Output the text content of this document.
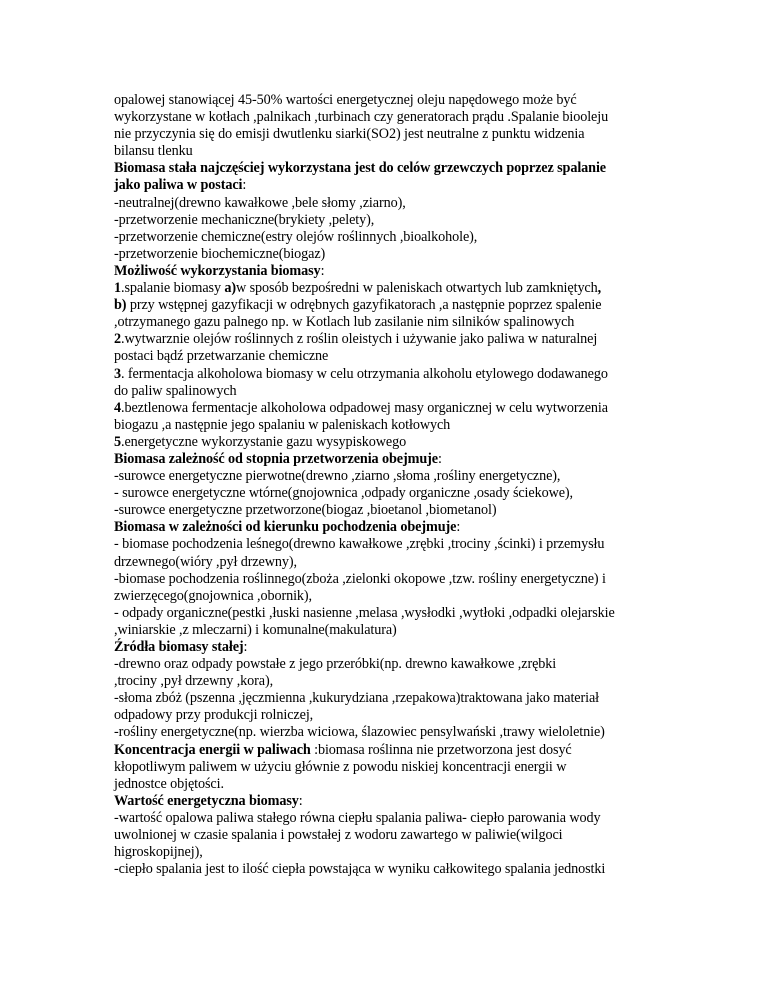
opalowej stanowiącej 45-50% wartości energetycznej oleju napędowego może być
wykorzystane w kotłach ,palnikach ,turbinach czy generatorach prądu .Spalanie biooleju
nie przyczynia się do emisji dwutlenku siarki(SO2) jest neutralne z punktu widzenia
bilansu tlenku
Biomasa stała najczęściej wykorzystana jest do celów grzewczych poprzez spalanie
jako paliwa w postaci:
-neutralnej(drewno kawałkowe ,bele słomy ,ziarno),
-przetworzenie mechaniczne(brykiety ,pelety),
-przetworzenie chemiczne(estry olejów roślinnych ,bioalkohole),
-przetworzenie biochemiczne(biogaz)
Możliwość wykorzystania biomasy:
1.spalanie biomasy a)w sposób bezpośredni w paleniskach otwartych lub zamkniętych,
b) przy wstępnej gazyfikacji w odrębnych gazyfikatorach ,a następnie poprzez spalenie
,otrzymanego gazu palnego np. w Kotlach lub zasilanie nim silników spalinowych
2.wytwarznie olejów roślinnych z roślin oleistych i używanie jako paliwa w naturalnej
postaci bądź przetwarzanie chemiczne
3. fermentacja alkoholowa biomasy w celu otrzymania alkoholu etylowego dodawanego
do paliw spalinowych
4.beztlenowa fermentacje alkoholowa odpadowej masy organicznej w celu wytworzenia
biogazu ,a następnie jego spalaniu w paleniskach kotłowych
5.energetyczne wykorzystanie gazu wysypiskowego
Biomasa zależność od stopnia przetworzenia obejmuje:
-surowce energetyczne pierwotne(drewno ,ziarno ,słoma ,rośliny energetyczne),
- surowce energetyczne wtórne(gnojownica ,odpady organiczne ,osady ściekowe),
-surowce energetyczne przetworzone(biogaz ,bioetanol ,biometanol)
Biomasa w zależności od kierunku pochodzenia obejmuje:
- biomase pochodzenia leśnego(drewno kawałkowe ,zrębki ,trociny ,ścinki) i przemysłu
drzewnego(wióry ,pył drzewny),
-biomase pochodzenia roślinnego(zboża ,zielonki okopowe ,tzw. rośliny energetyczne) i
zwierzęcego(gnojownica ,obornik),
- odpady organiczne(pestki ,łuski nasienne ,melasa ,wysłodki ,wytłoki ,odpadki olejarskie
,winiarskie ,z mleczarni) i komunalne(makulatura)
Źródła biomasy stałej:
-drewno oraz odpady powstałe z jego przeróbki(np. drewno kawałkowe ,zrębki
,trociny ,pył drzewny ,kora),
-słoma zbóż (pszenna ,jęczmienna ,kukurydziana ,rzepakowa)traktowana jako materiał
odpadowy przy produkcji rolniczej,
-rośliny energetyczne(np. wierzba wiciowa, ślazowiec pensylwański ,trawy wieloletnie)
Koncentracja energii w paliwach :biomasa roślinna nie przetworzona jest dosyć
kłopotliwym paliwem w użyciu głównie z powodu niskiej koncentracji energii w
jednostce objętości.
Wartość energetyczna biomasy:
-wartość opalowa paliwa stałego równa ciepłu spalania paliwa- ciepło parowania wody
uwolnionej w czasie spalania i powstałej z wodoru zawartego w paliwie(wilgoci
higroskopijnej),
-ciepło spalania jest to ilość ciepła powstająca w wyniku całkowitego spalania jednostki
